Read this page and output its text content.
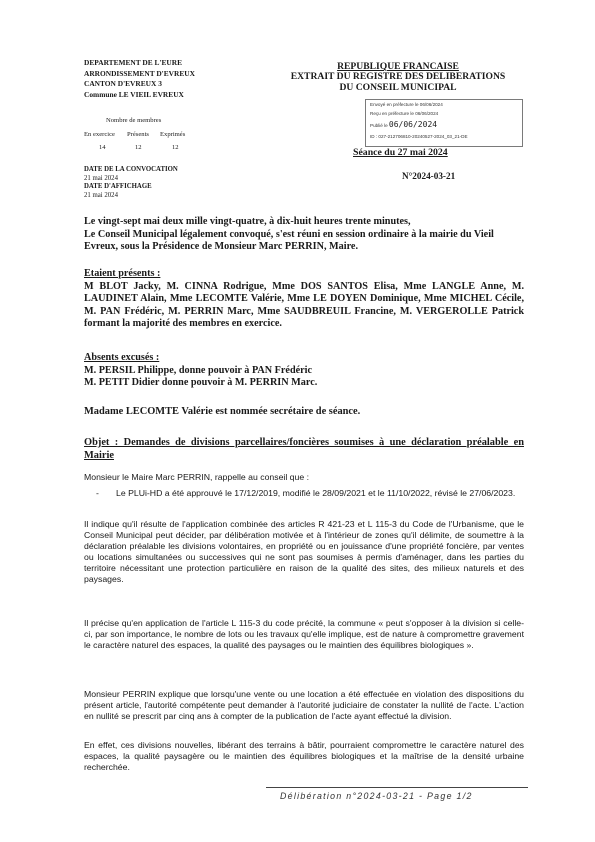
DEPARTEMENT DE L'EURE
ARRONDISSEMENT D'EVREUX
CANTON D'EVREUX 3
Commune LE VIEIL EVREUX
Nombre de membres
En exercice Présents Exprimés
14	12	12
DATE DE LA CONVOCATION
21 mai 2024
DATE D'AFFICHAGE
21 mai 2024
REPUBLIQUE FRANCAISE
EXTRAIT DU REGISTRE DES DELIBERATIONS
DU CONSEIL MUNICIPAL
Envoyé en préfecture le 06/06/2024
Reçu en préfecture le 06/06/2024
Publié le 06/06/2024
ID : 027-212706810-20240527-2024_03_21-DE
Séance du 27 mai 2024
N°2024-03-21
Le vingt-sept mai deux mille vingt-quatre, à dix-huit heures trente minutes,
Le Conseil Municipal légalement convoqué, s'est réuni en session ordinaire à la mairie du Vieil Evreux, sous la Présidence de Monsieur Marc PERRIN, Maire.
Etaient présents :
M BLOT Jacky, M. CINNA Rodrigue, Mme DOS SANTOS Elisa, Mme LANGLE Anne, M. LAUDINET Alain, Mme LECOMTE Valérie, Mme LE DOYEN Dominique, Mme MICHEL Cécile, M. PAN Frédéric, M. PERRIN Marc, Mme SAUDBREUIL Francine, M. VERGEROLLE Patrick formant la majorité des membres en exercice.
Absents excusés :
M. PERSIL Philippe, donne pouvoir à PAN Frédéric
M. PETIT Didier donne pouvoir à M. PERRIN Marc.
Madame LECOMTE Valérie est nommée secrétaire de séance.
Objet : Demandes de divisions parcellaires/foncières soumises à une déclaration préalable en Mairie
Monsieur le Maire Marc PERRIN, rappelle au conseil que :
-	Le PLUi-HD a été approuvé le 17/12/2019, modifié le 28/09/2021 et le 11/10/2022, révisé le 27/06/2023.
Il indique qu'il résulte de l'application combinée des articles R 421-23 et L 115-3 du Code de l'Urbanisme, que le Conseil Municipal peut décider, par délibération motivée et à l'intérieur de zones qu'il délimite, de soumettre à la déclaration préalable les divisions volontaires, en propriété ou en jouissance d'une propriété foncière, par ventes ou locations simultanées ou successives qui ne sont pas soumises à permis d'aménager, dans les parties du territoire nécessitant une protection particulière en raison de la qualité des sites, des milieux naturels et des paysages.
Il précise qu'en application de l'article L 115-3 du code précité, la commune « peut s'opposer à la division si celle-ci, par son importance, le nombre de lots ou les travaux qu'elle implique, est de nature à compromettre gravement le caractère naturel des espaces, la qualité des paysages ou le maintien des équilibres biologiques ».
Monsieur PERRIN explique que lorsqu'une vente ou une location a été effectuée en violation des dispositions du présent article, l'autorité compétente peut demander à l'autorité judiciaire de constater la nullité de l'acte. L'action en nullité se prescrit par cinq ans à compter de la publication de l'acte ayant effectué la division.
En effet, ces divisions nouvelles, libérant des terrains à bâtir, pourraient compromettre le caractère naturel des espaces, la qualité paysagère ou le maintien des équilibres biologiques et la maîtrise de la densité urbaine recherchée.
Délibération n°2024-03-21 - Page 1/2
